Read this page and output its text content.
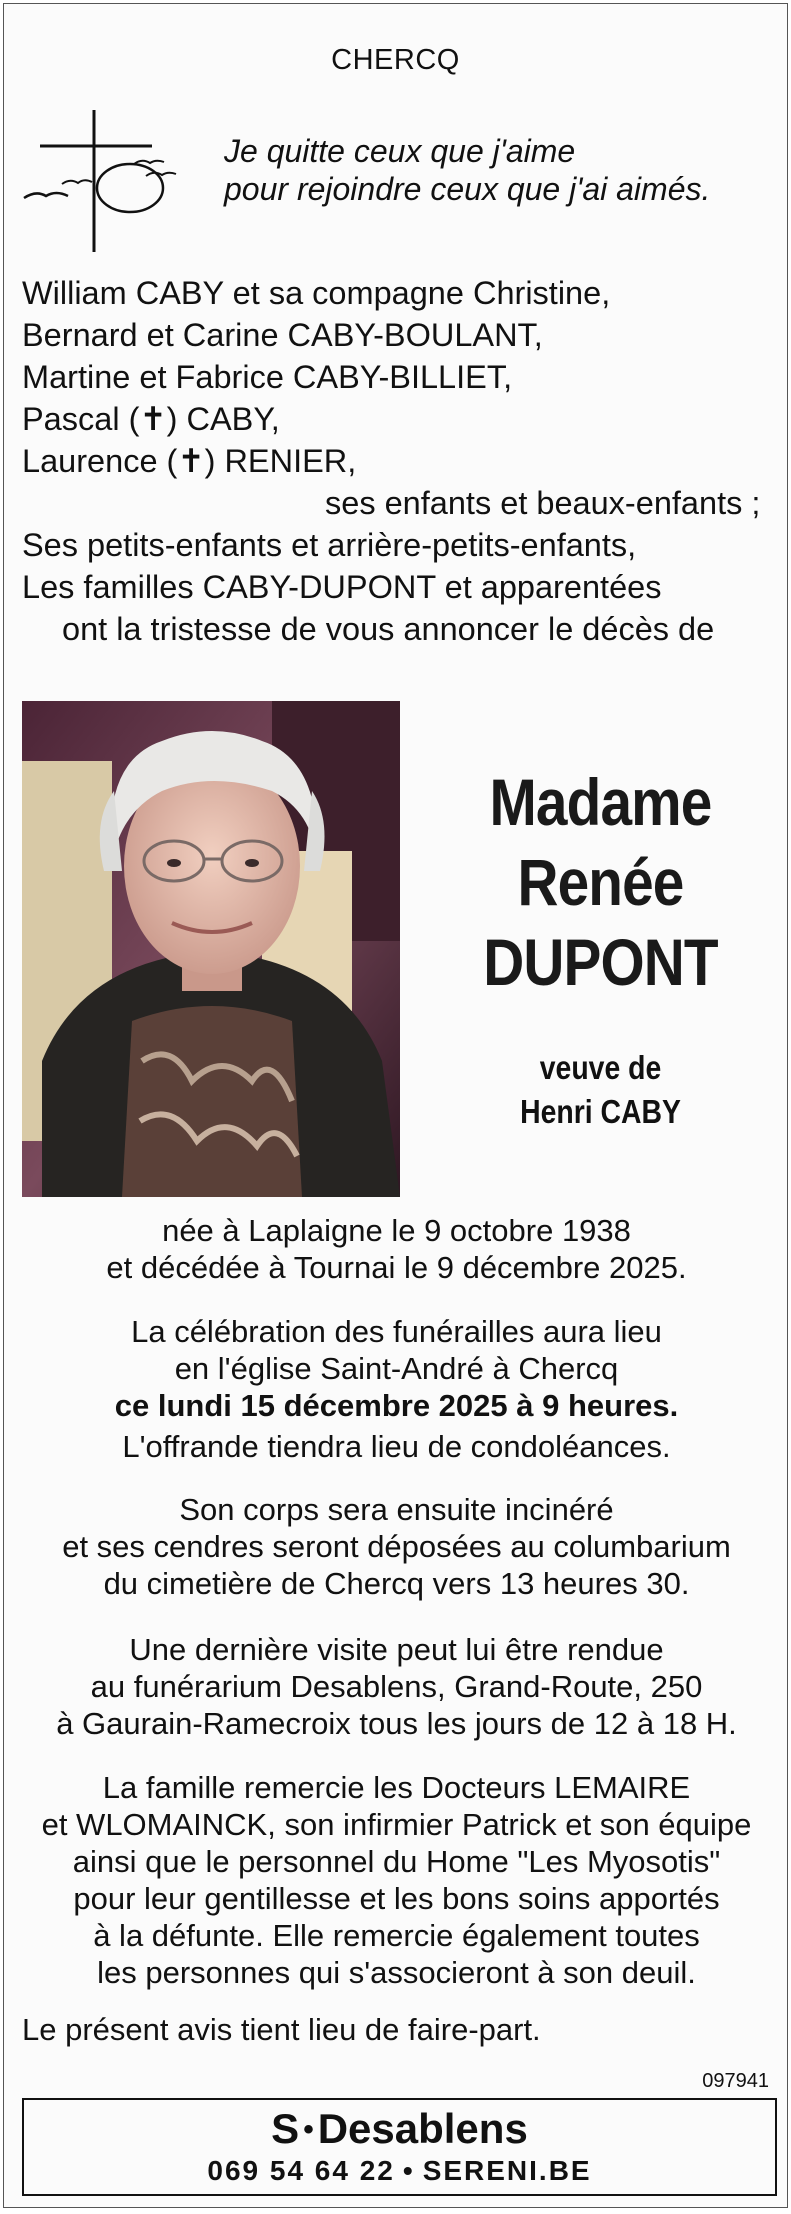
CHERCQ
Je quitte ceux que j'aime
pour rejoindre ceux que j'ai aimés.
William CABY et sa compagne Christine,
Bernard et Carine CABY-BOULANT,
Martine et Fabrice CABY-BILLIET,
Pascal (✝) CABY,
Laurence (✝) RENIER,
ses enfants et beaux-enfants ;
Ses petits-enfants et arrière-petits-enfants,
Les familles CABY-DUPONT et apparentées
ont la tristesse de vous annoncer le décès de
Madame
Renée
DUPONT
veuve de
Henri CABY
née à Laplaigne le 9 octobre 1938
et décédée à Tournai le 9 décembre 2025.
La célébration des funérailles aura lieu
en l'église Saint-André à Chercq
ce lundi 15 décembre 2025 à 9 heures.
L'offrande tiendra lieu de condoléances.
Son corps sera ensuite incinéré
et ses cendres seront déposées au columbarium
du cimetière de Chercq vers 13 heures 30.
Une dernière visite peut lui être rendue
au funérarium Desablens, Grand-Route, 250
à Gaurain-Ramecroix tous les jours de 12 à 18 H.
La famille remercie les Docteurs LEMAIRE
et WLOMAINCK, son infirmier Patrick et son équipe
ainsi que le personnel du Home "Les Myosotis"
pour leur gentillesse et les bons soins apportés
à la défunte. Elle remercie également toutes
les personnes qui s'associeront à son deuil.
Le présent avis tient lieu de faire-part.
097941
S •Desablens
069 54 64 22 • SERENI.BE
